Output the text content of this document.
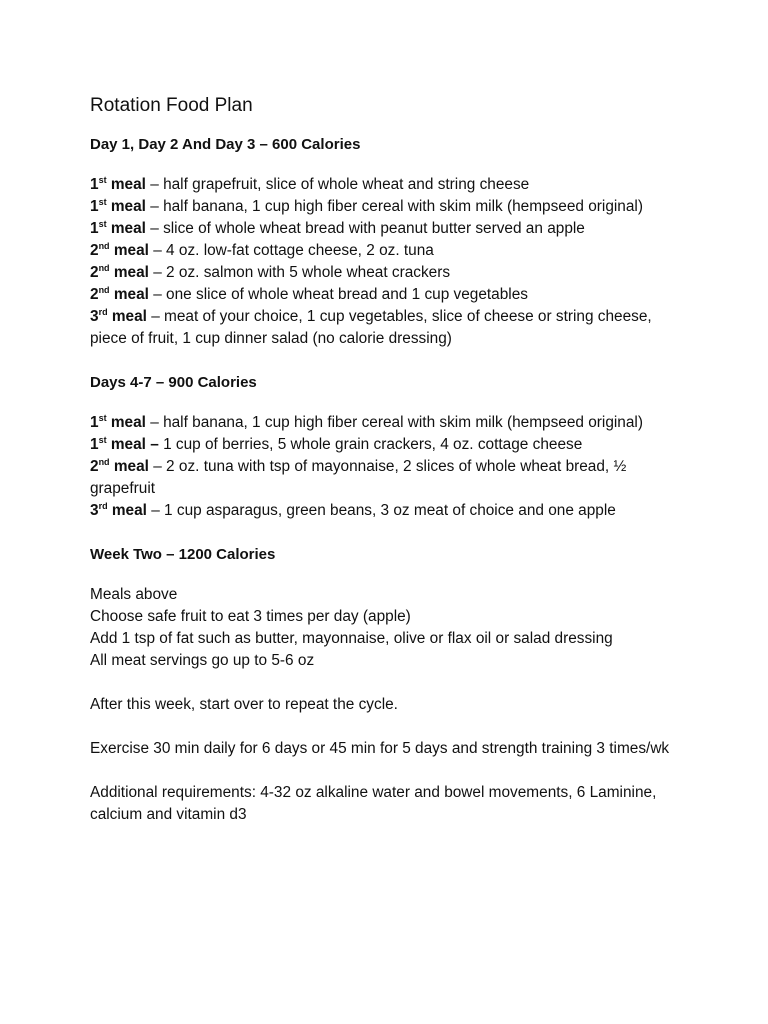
Rotation Food Plan
Day 1, Day 2 And Day 3 – 600 Calories

1st meal – half grapefruit, slice of whole wheat and string cheese

1st meal – half banana, 1 cup high fiber cereal with skim milk (hempseed original)

1st meal – slice of whole wheat bread with peanut butter served an apple

2nd meal – 4 oz. low-fat cottage cheese, 2 oz. tuna

2nd meal – 2 oz. salmon with 5 whole wheat crackers

2nd meal – one slice of whole wheat bread and 1 cup vegetables

3rd meal – meat of your choice, 1 cup vegetables, slice of cheese or string cheese, piece of fruit, 1 cup dinner salad (no calorie dressing)

Days 4-7 – 900 Calories

1st meal – half banana, 1 cup high fiber cereal with skim milk (hempseed original)

1st meal – 1 cup of berries, 5 whole grain crackers, 4 oz. cottage cheese

2nd meal – 2 oz. tuna with tsp of mayonnaise, 2 slices of whole wheat bread, ½ grapefruit

3rd meal – 1 cup asparagus, green beans, 3 oz meat of choice and one apple

Week Two – 1200 Calories

Meals above

Choose safe fruit to eat 3 times per day (apple)

Add 1 tsp of fat such as butter, mayonnaise, olive or flax oil or salad dressing

All meat servings go up to 5-6 oz

After this week, start over to repeat the cycle.

Exercise 30 min daily for 6 days or 45 min for 5 days and strength training 3 times/wk

Additional requirements: 4-32 oz alkaline water and bowel movements, 6 Laminine, calcium and vitamin d3
